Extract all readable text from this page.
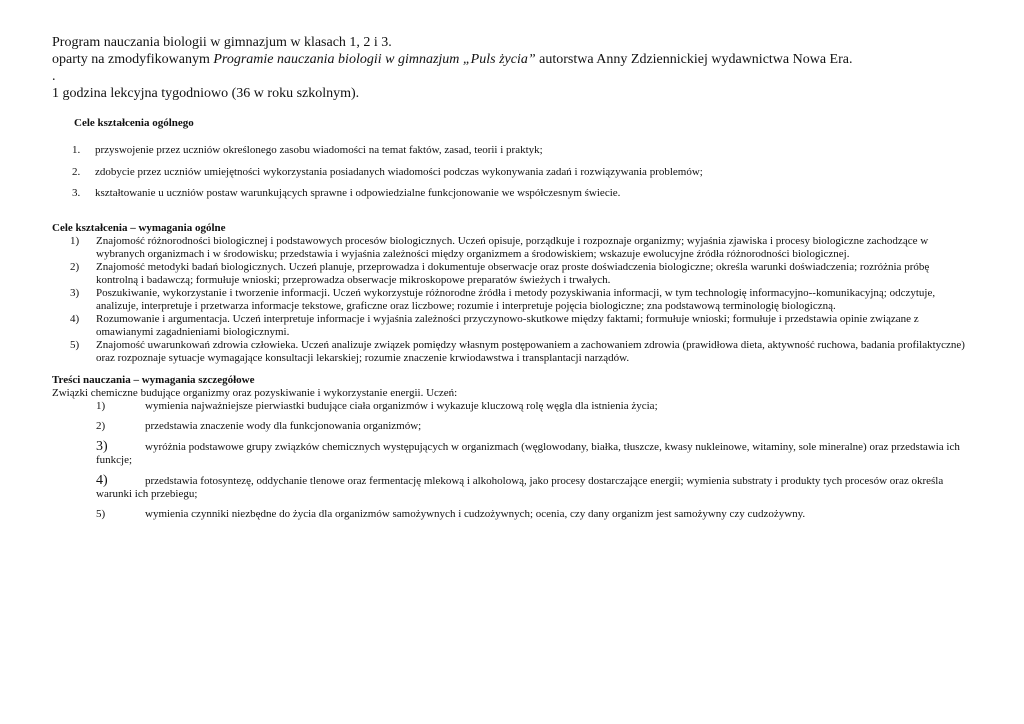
Program nauczania biologii w gimnazjum w klasach 1, 2 i 3.

oparty na zmodyfikowanym Programie nauczania biologii w gimnazjum „Puls życia” autorstwa Anny Zdziennickiej wydawnictwa Nowa Era.

.

1 godzina lekcyjna tygodniowo (36 w roku szkolnym).

Cele kształcenia ogólnego
1.	przyswojenie przez uczniów określonego zasobu wiadomości na temat faktów, zasad, teorii i praktyk;
2.	zdobycie przez uczniów umiejętności wykorzystania posiadanych wiadomości podczas wykonywania zadań i rozwiązywania problemów;
3.	kształtowanie u uczniów postaw warunkujących sprawne i odpowiedzialne funkcjonowanie we współczesnym świecie.
Cele kształcenia – wymagania ogólne
1)	Znajomość różnorodności biologicznej i podstawowych procesów biologicznych. Uczeń opisuje, porządkuje i rozpoznaje organizmy; wyjaśnia zjawiska i procesy biologiczne zachodzące w wybranych organizmach i w środowisku; przedstawia i wyjaśnia zależności między organizmem a środowiskiem; wskazuje ewolucyjne źródła różnorodności biologicznej.
2)	Znajomość metodyki badań biologicznych. Uczeń planuje, przeprowadza i dokumentuje obserwacje oraz proste doświadczenia biologiczne; określa warunki doświadczenia; rozróżnia próbę kontrolną i badawczą; formułuje wnioski; przeprowadza obserwacje mikroskopowe preparatów świeżych i trwałych.
3)	Poszukiwanie, wykorzystanie i tworzenie informacji. Uczeń wykorzystuje różnorodne źródła i metody pozyskiwania informacji, w tym technologię informacyjno--komunikacyjną; odczytuje, analizuje, interpretuje i przetwarza informacje tekstowe, graficzne oraz liczbowe; rozumie i interpretuje pojęcia biologiczne; zna podstawową terminologię biologiczną.
4)	Rozumowanie i argumentacja. Uczeń interpretuje informacje i wyjaśnia zależności przyczynowo-skutkowe między faktami; formułuje wnioski; formułuje i przedstawia opinie związane z omawianymi zagadnieniami biologicznymi.
5)	Znajomość uwarunkowań zdrowia człowieka. Uczeń analizuje związek pomiędzy własnym postępowaniem a zachowaniem zdrowia (prawidłowa dieta, aktywność ruchowa, badania profilaktyczne) oraz rozpoznaje sytuacje wymagające konsultacji lekarskiej; rozumie znaczenie krwiodawstwa i transplantacji narządów.
Treści nauczania – wymagania szczegółowe

Związki chemiczne budujące organizmy oraz pozyskiwanie i wykorzystanie energii. Uczeń:

1)	wymienia najważniejsze pierwiastki budujące ciała organizmów i wykazuje kluczową rolę węgla dla istnienia życia;
2)	przedstawia znaczenie wody dla funkcjonowania organizmów;
3)	wyróżnia podstawowe grupy związków chemicznych występujących w organizmach (węglowodany, białka, tłuszcze, kwasy nukleinowe, witaminy, sole mineralne) oraz przedstawia ich funkcje;
4)	przedstawia fotosyntezę, oddychanie tlenowe oraz fermentację mlekową i alkoholową, jako procesy dostarczające energii; wymienia substraty i produkty tych procesów oraz określa warunki ich przebiegu;
5)	wymienia czynniki niezbędne do życia dla organizmów samożywnych i cudzożywnych; ocenia, czy dany organizm jest samożywny czy cudzożywny.
